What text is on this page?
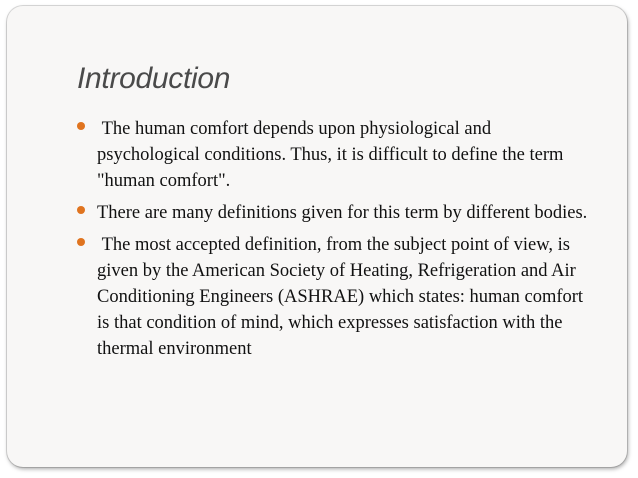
Introduction
The human comfort depends upon physiological and psychological conditions. Thus, it is difficult to define the term "human comfort".
There are many definitions given for this term by different bodies.
The most accepted definition, from the subject point of view, is given by the American Society of Heating, Refrigeration and Air Conditioning Engineers (ASHRAE) which states: human comfort is that condition of mind, which expresses satisfaction with the thermal environment
